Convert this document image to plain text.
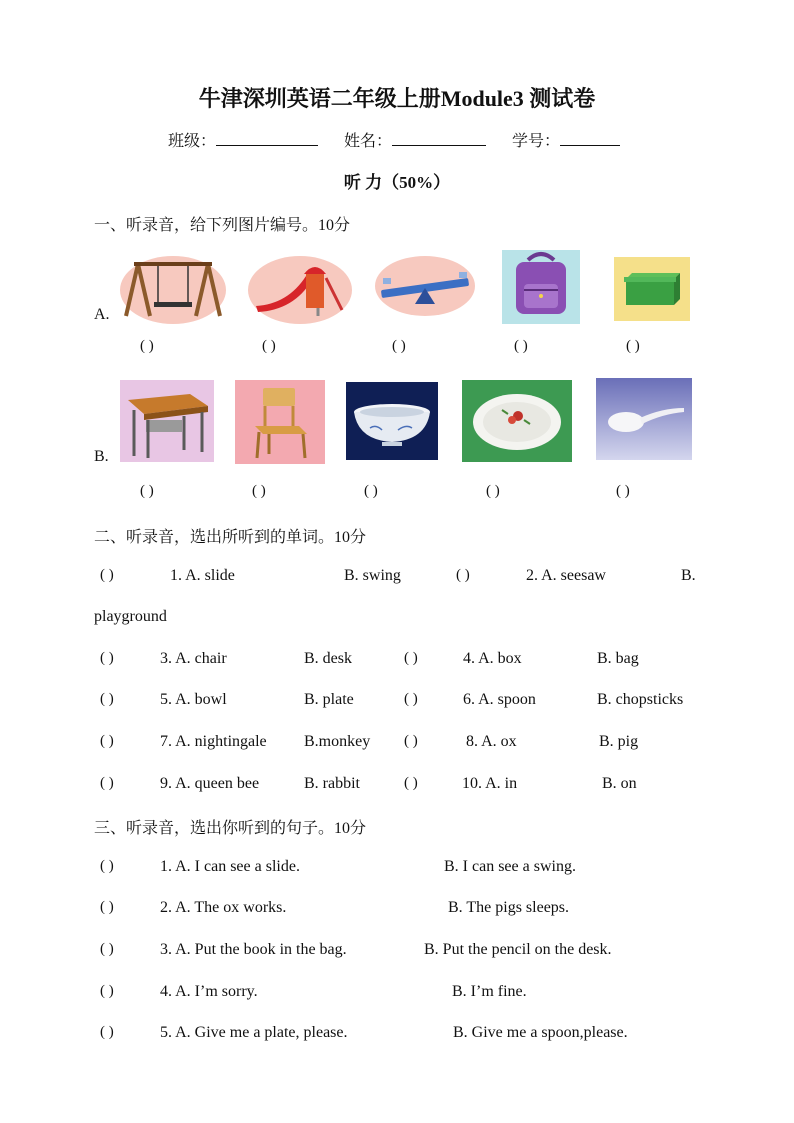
牛津深圳英语二年级上册Module3 测试卷
班级：	姓名：	学号：
听 力（50%）
一、听录音，给下列图片编号。10分
A.
B.
( )	( )	( )	( )	( )
( )	( )	( )	( )	( )
二、听录音，选出所听到的单词。10分
( )	1. A. slide	B. swing	( )	2. A. seesaw	B.
playground
( )	3. A. chair	B. desk	( )	4. A. box	B. bag
( )	5. A. bowl	B. plate	( )	6. A. spoon	B. chopsticks
( )	7. A. nightingale B.monkey ( )	8. A. ox	B. pig
( )	9. A. queen bee	B. rabbit	( )	10. A. in	B. on
三、听录音，选出你听到的句子。10分
( )	1. A. I can see a slide.	B. I can see a swing.
( )	2. A. The ox works.	B. The pigs sleeps.
( )	3. A. Put the book in the bag.	B. Put the pencil on the desk.
( )	4. A. I’m sorry.	B. I’m fine.
( )	5. A. Give me a plate, please.	B. Give me a spoon,please.
